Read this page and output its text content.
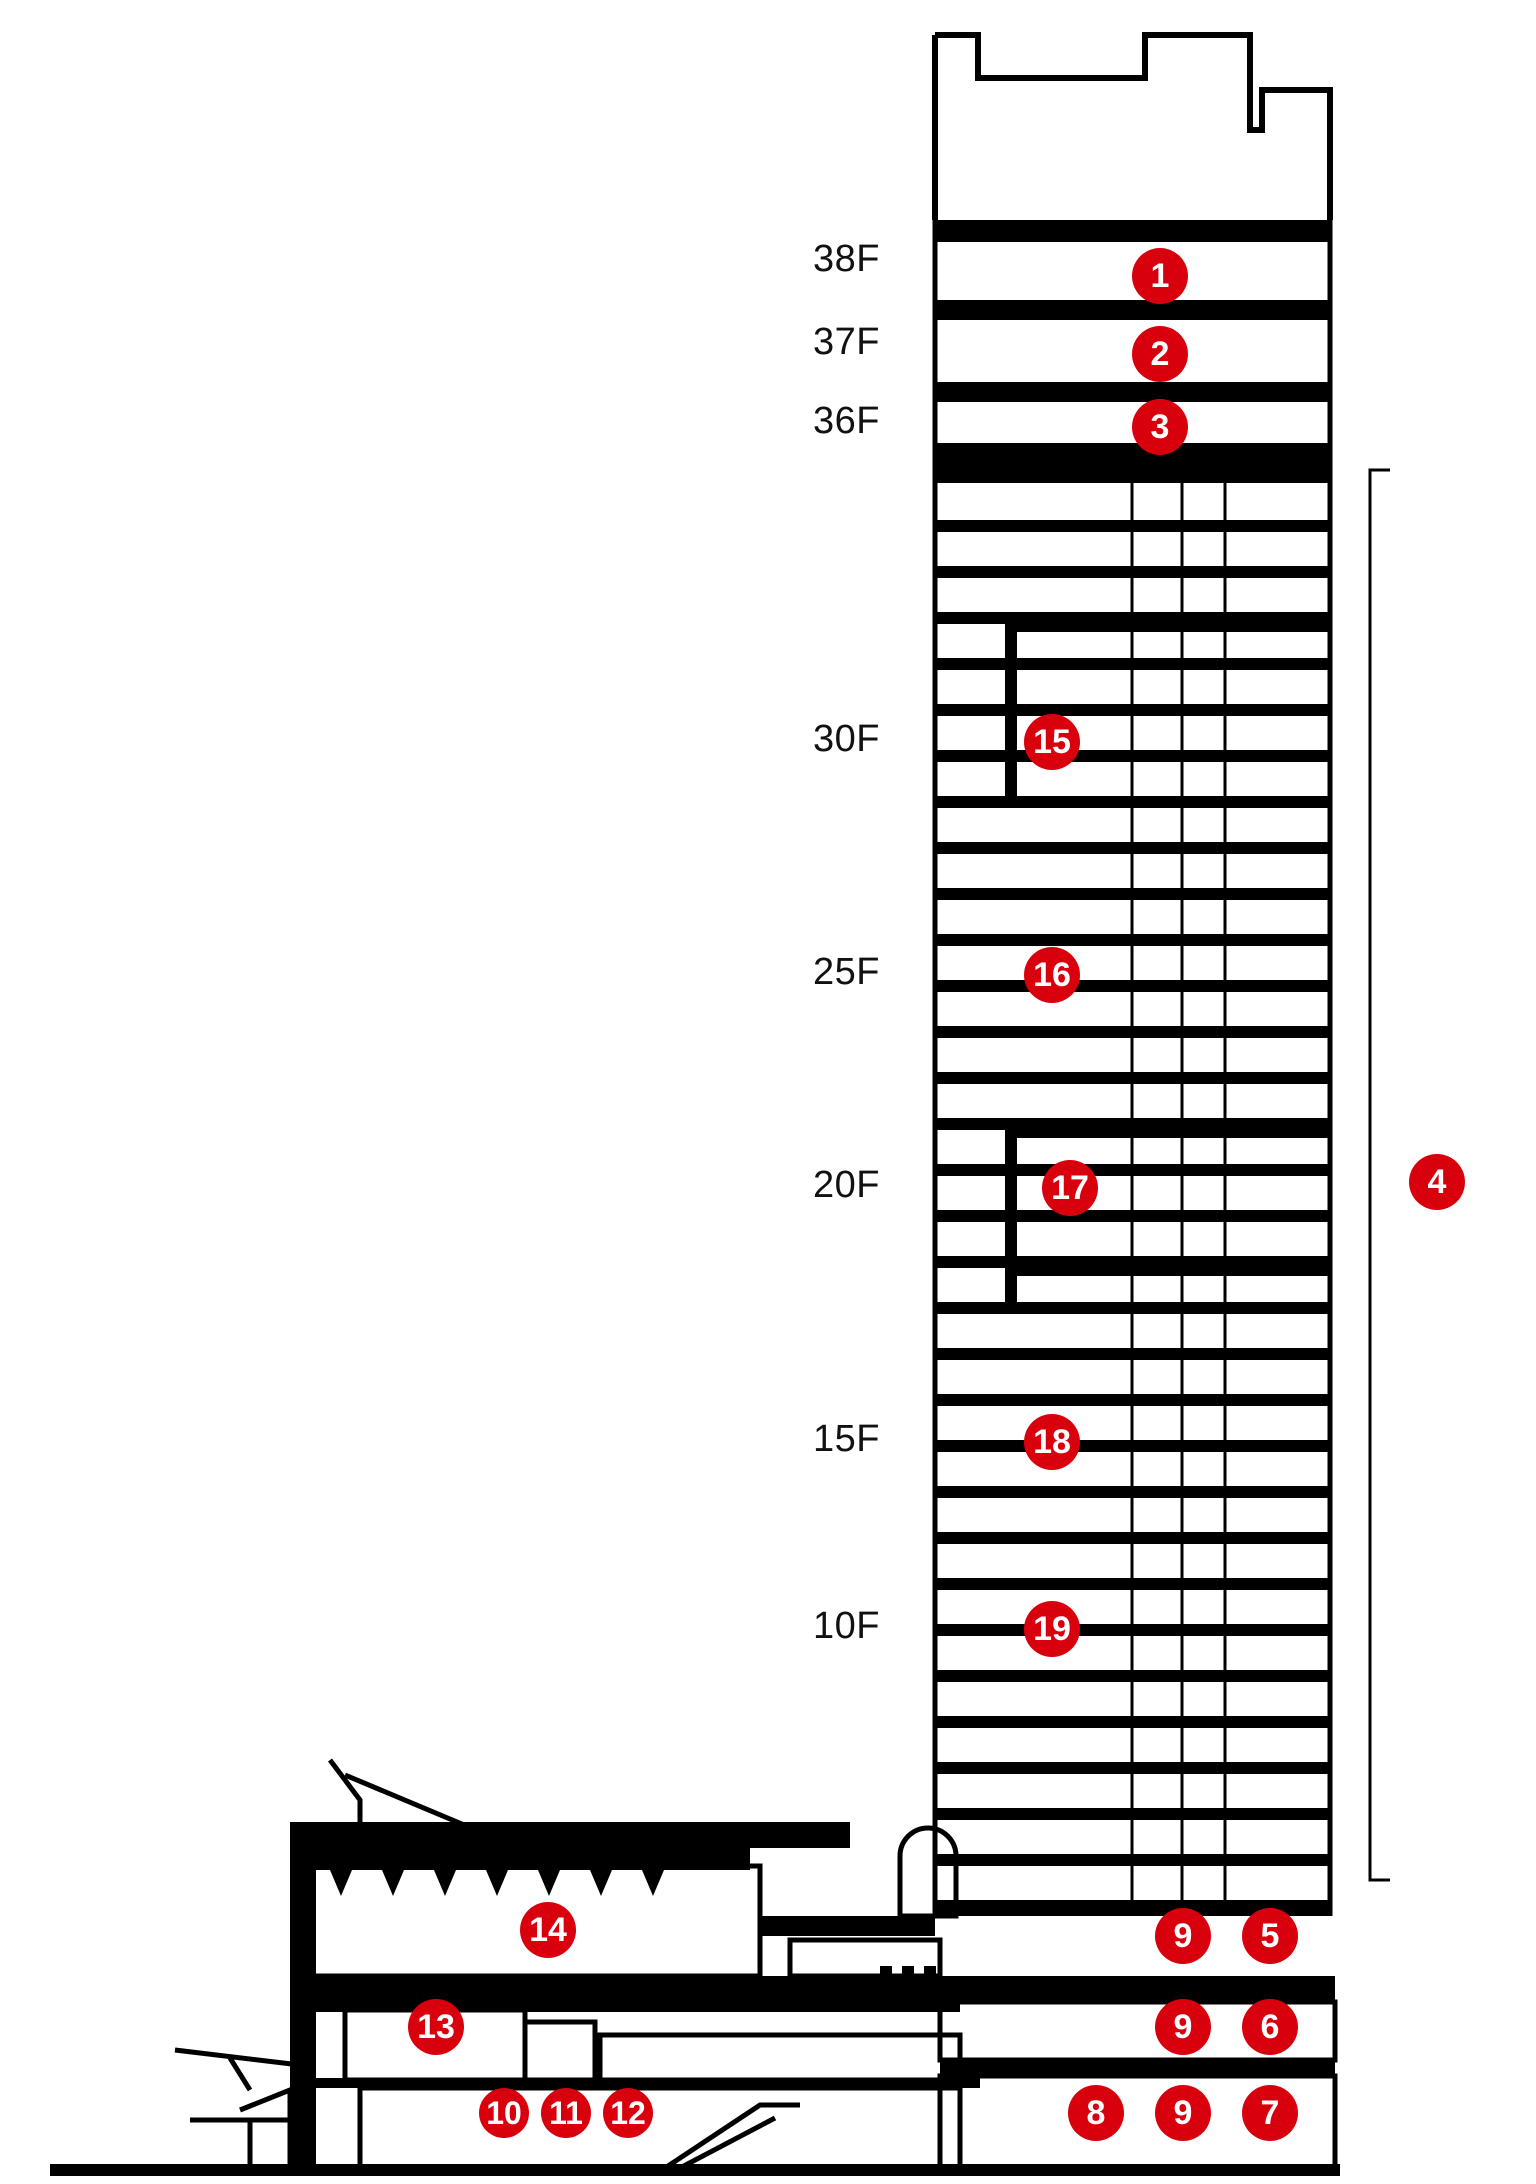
38F
37F
36F
30F
25F
20F
15F
10F
1
2
3
4
5
6
7
8
9
9
9
10 11 12
13
14
15
16
17
18
19
